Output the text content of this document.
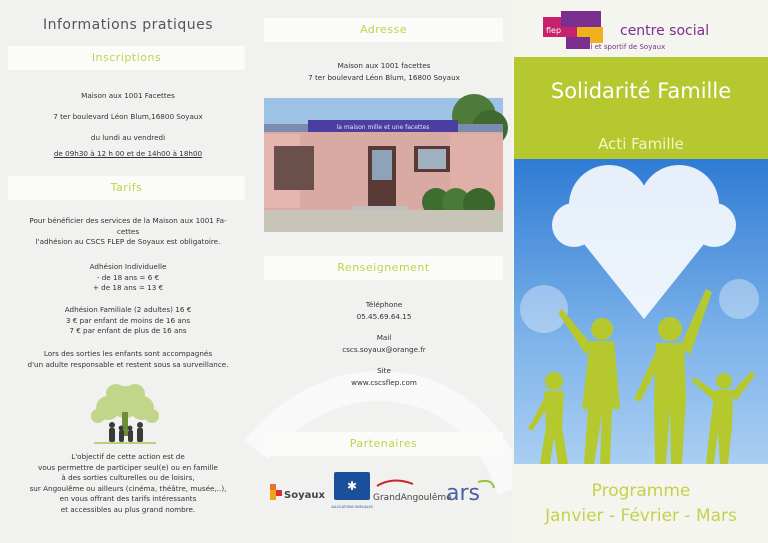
Informations pratiques
Inscriptions
Maison aux 1001 Facettes
7 ter boulevard Léon Blum,16800 Soyaux
du lundi au vendredi
de 09h30 à 12 h 00 et de 14h00 à 18h00
Tarifs
Pour bénéficier des services de la Maison aux 1001 Fa-
cettes
l'adhésion au CSCS FLEP de Soyaux est obligatoire.
Adhésion Individuelle
- de 18 ans = 6 €
+ de 18 ans = 13 €
Adhésion Familiale (2 adultes) 16 €
3 € par enfant de moins de 16 ans
7 € par enfant de plus de 16 ans
Lors des sorties les enfants sont accompagnés
d'un adulte responsable et restent sous sa surveillance.
L'objectif de cette action est de
vous permettre de participer seul(e) ou en famille
à des sorties culturelles ou de loisirs,
sur Angoulême ou ailleurs (cinéma, théâtre, musée,..),
en vous offrant des tarifs intéressants
et accessibles au plus grand nombre.
Adresse
Maison aux 1001 facettes
7 ter boulevard Léon Blum, 16800 Soyaux
Renseignement
Téléphone
05.45.69.64.15
Mail
cscs.soyaux@orange.fr
Site
www.cscsflep.com
Partenaires
la maison mille et une facettes
Soyaux
✱
ALLOCATIONS FAMILIALES
GrandAngoulême
ars
flep	centre social
culturel et sportif de Soyaux
Solidarité Famille
Acti Famille
Programme
Janvier - Février - Mars
